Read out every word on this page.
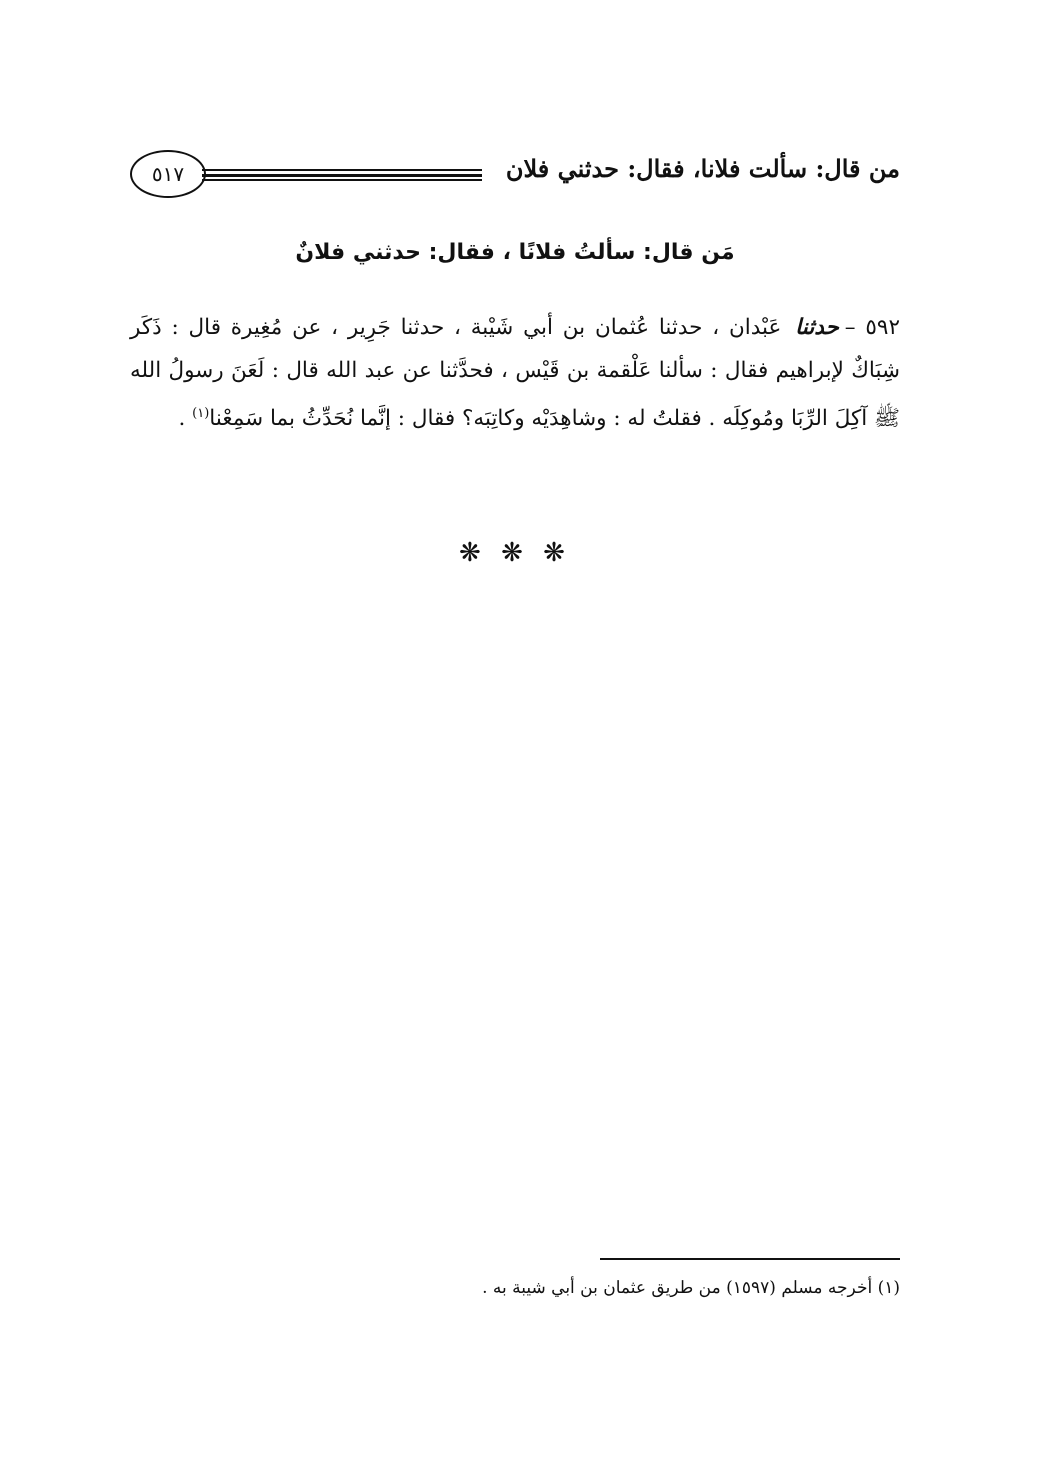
٥١٧	من قال: سألت فلانا، فقال: حدثني فلان
مَن قال: سألتُ فلانًا ، فقال: حدثني فلانٌ
٥٩٢ –حدثنا عَبْدان ، حدثنا عُثمان بن أبي شَيْبة ، حدثنا جَرِير ، عن مُغِيرة قال : ذَكَر شِبَاكٌ لإبراهيم فقال : سألنا عَلْقمة بن قَيْس ، فحدَّثنا عن عبد الله قال : لَعَنَ رسولُ الله ﷺ آكِلَ الرِّبَا ومُوكِلَه . فقلتُ له : وشاهِدَيْه وكاتِبَه؟ فقال : إنَّما نُحَدِّثُ بما سَمِعْنا$^{(١)}$ .
❋ ❋ ❋
(١) أخرجه مسلم (١٥٩٧) من طريق عثمان بن أبي شيبة به .
